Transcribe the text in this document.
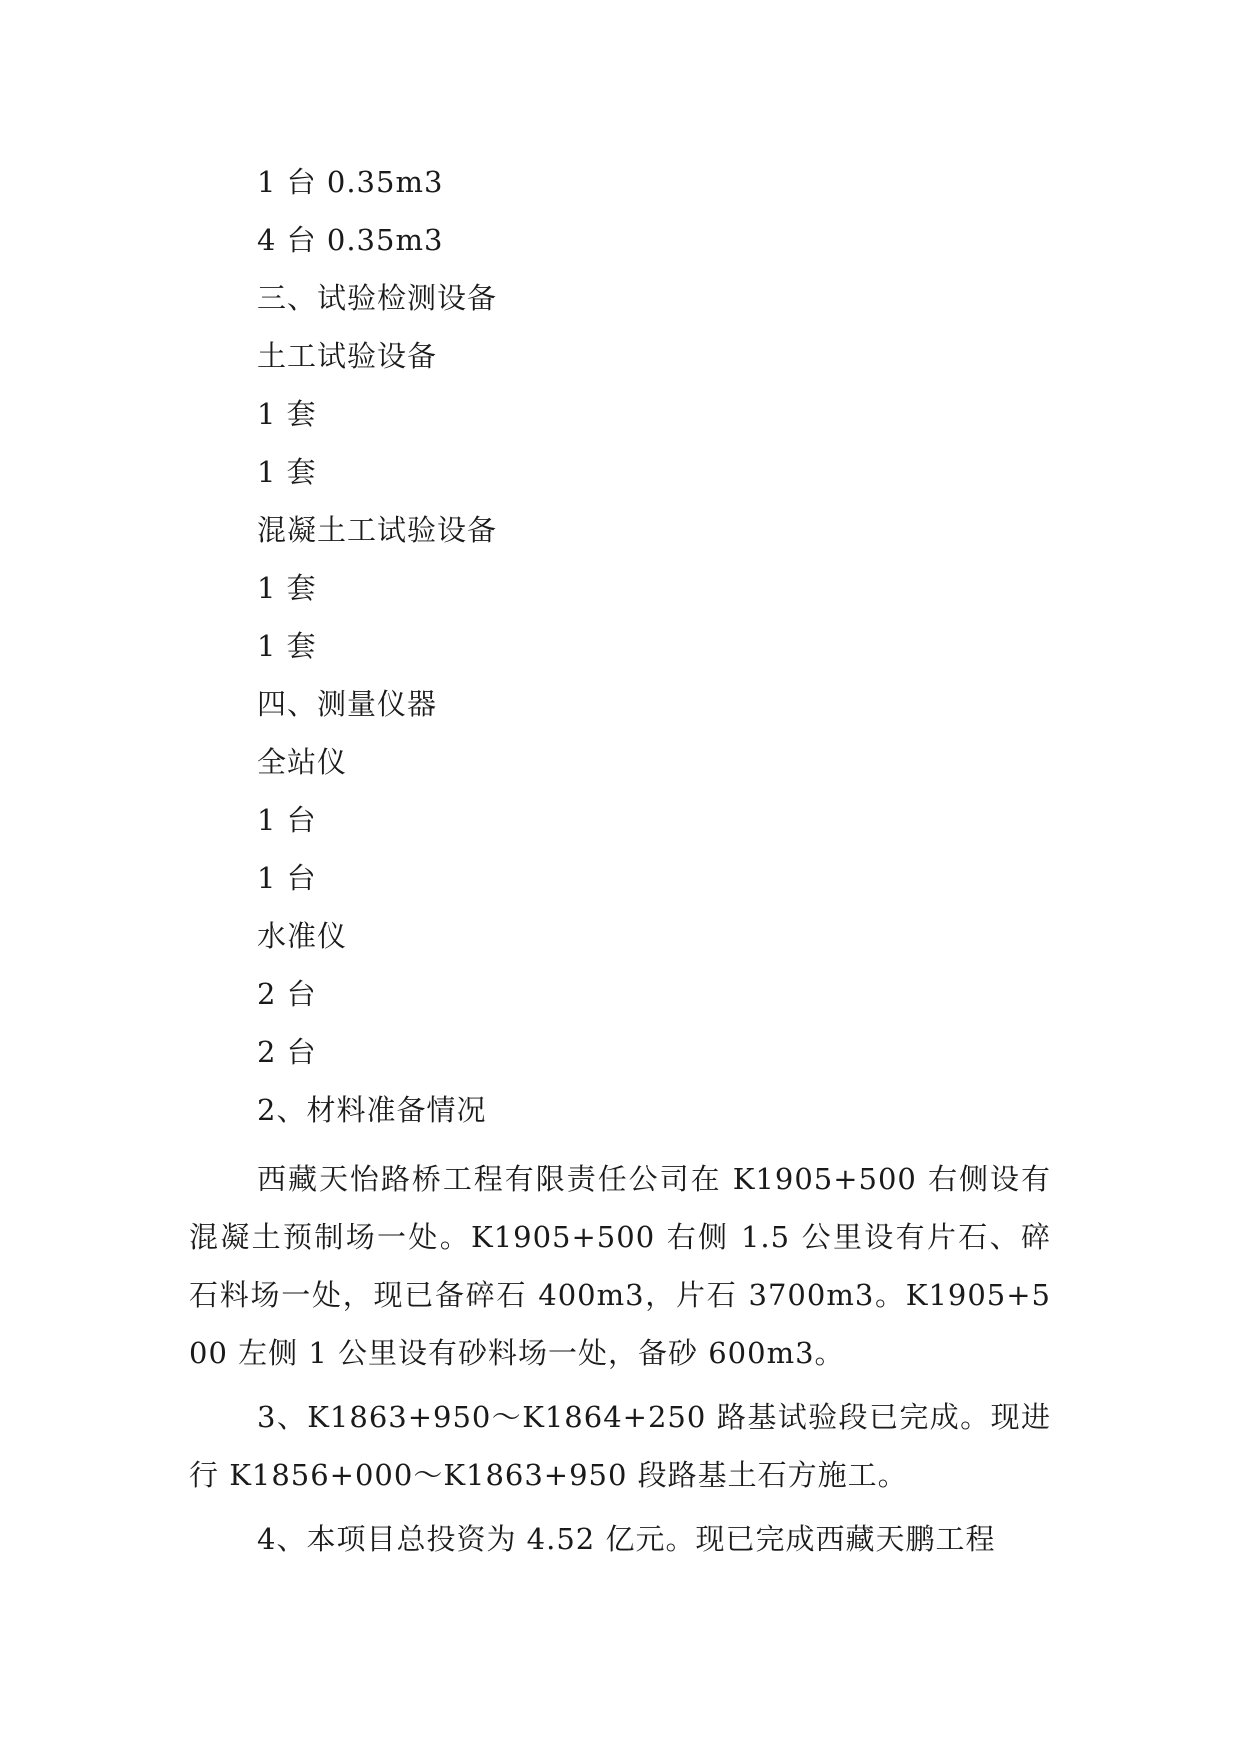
1 台 0.35m3
4 台 0.35m3
三、试验检测设备
土工试验设备
1 套
1 套
混凝土工试验设备
1 套
1 套
四、测量仪器
全站仪
1 台
1 台
水准仪
2 台
2 台
2、材料准备情况

西藏天怡路桥工程有限责任公司在 K1905+500 右侧设有混凝土预制场一处。K1905+500 右侧 1.5 公里设有片石、碎石料场一处，现已备碎石 400m3，片石 3700m3。K1905+500 左侧 1 公里设有砂料场一处，备砂 600m3。

3、K1863+950～K1864+250 路基试验段已完成。现进行 K1856+000～K1863+950 段路基土石方施工。

4、本项目总投资为 4.52 亿元。现已完成西藏天鹏工程
